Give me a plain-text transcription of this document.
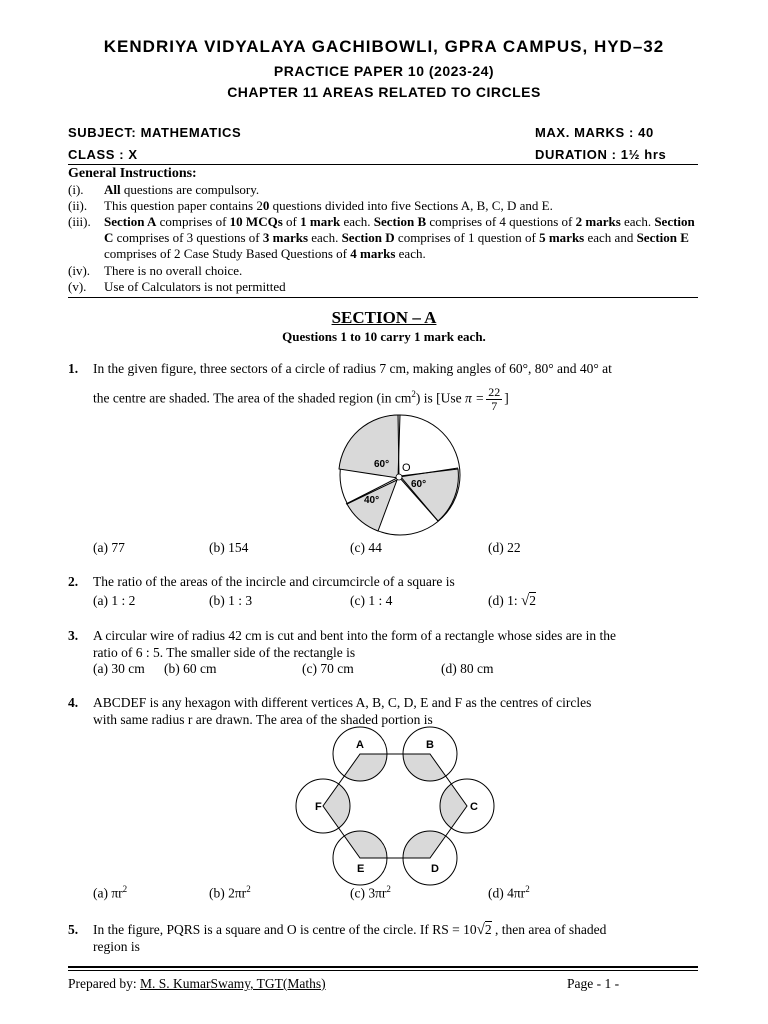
KENDRIYA VIDYALAYA GACHIBOWLI, GPRA CAMPUS, HYD–32
PRACTICE PAPER 10 (2023-24)
CHAPTER 11 AREAS RELATED TO CIRCLES
SUBJECT: MATHEMATICS	MAX. MARKS : 40
CLASS : X	DURATION : 1½ hrs
General Instructions:
(i). All questions are compulsory.
(ii). This question paper contains 20 questions divided into five Sections A, B, C, D and E.
(iii). Section A comprises of 10 MCQs of 1 mark each. Section B comprises of 4 questions of 2 marks each. Section C comprises of 3 questions of 3 marks each. Section D comprises of 1 question of 5 marks each and Section E comprises of 2 Case Study Based Questions of 4 marks each.
(iv). There is no overall choice.
(v). Use of Calculators is not permitted
SECTION – A
Questions 1 to 10 carry 1 mark each.
1. In the given figure, three sectors of a circle of radius 7 cm, making angles of 60°, 80° and 40° at
the centre are shaded. The area of the shaded region (in $cm^2$) is [Use $\pi = \frac{22}{7}$ ]
60° O
60°
40°
(a) 77	(b) 154	(c) 44	(d) 22
2. The ratio of the areas of the incircle and circumcircle of a square is
(a) 1 : 2	(b) 1 : 3	(c) 1 : 4	(d) 1: √2
3. A circular wire of radius 42 cm is cut and bent into the form of a rectangle whose sides are in the
ratio of 6 : 5. The smaller side of the rectangle is
(a) 30 cm (b) 60 cm	(c) 70 cm	(d) 80 cm
4. ABCDEF is any hexagon with different vertices A, B, C, D, E and F as the centres of circles
with same radius r are drawn. The area of the shaded portion is
A	B
C
D
E
F
(a) $\pi r^2$	(b) $2\pi r^2$	(c) $3\pi r^2$	(d) $4\pi r^2$
5. In the figure, PQRS is a square and O is centre of the circle. If RS = 10√2 , then area of shaded
region is
Prepared by: M. S. KumarSwamy, TGT(Maths)	Page - 1 -
